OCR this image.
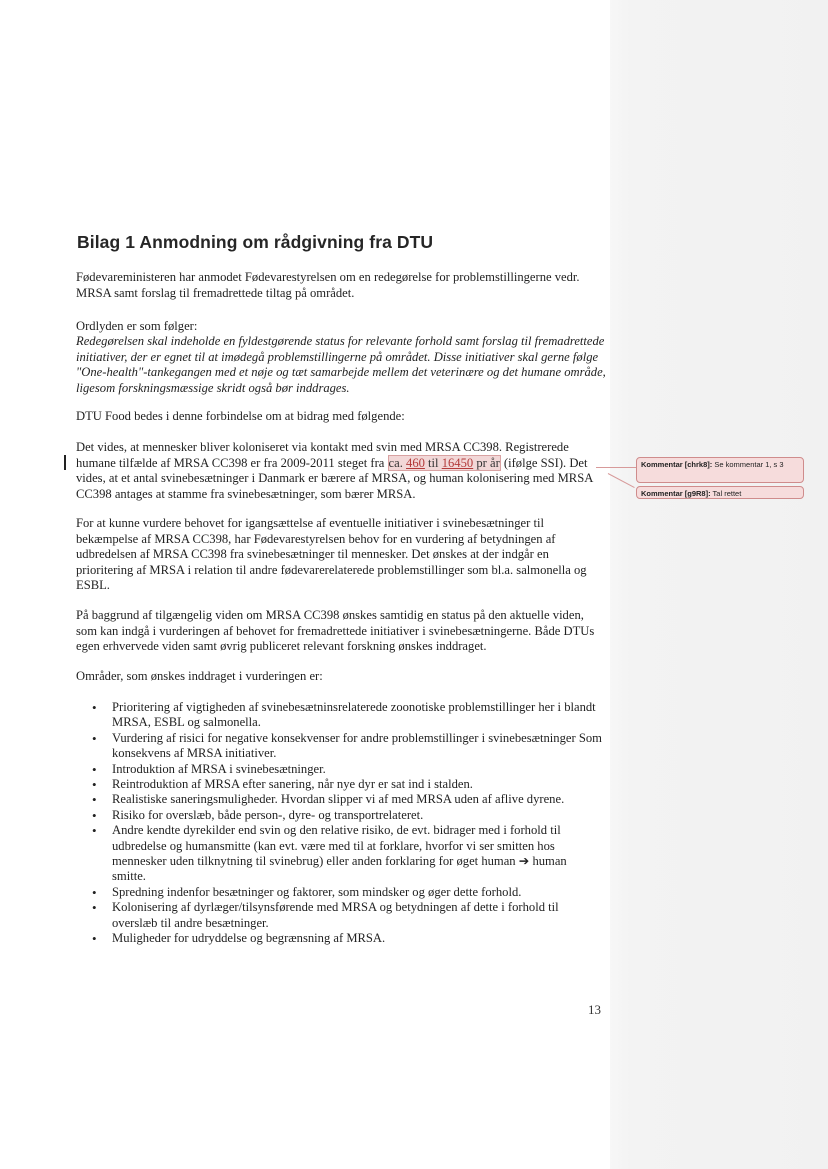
Bilag 1 Anmodning om rådgivning fra DTU

Fødevareministeren har anmodet Fødevarestyrelsen om en redegørelse for problemstillingerne vedr. MRSA samt forslag til fremadrettede tiltag på området.

Ordlyden er som følger:

Redegørelsen skal indeholde en fyldestgørende status for relevante forhold samt forslag til fremadrettede initiativer, der er egnet til at imødegå problemstillingerne på området. Disse initiativer skal gerne følge "One-health"-tankegangen med et nøje og tæt samarbejde mellem det veterinære og det humane område, ligesom forskningsmæssige skridt også bør inddrages.

DTU Food bedes i denne forbindelse om at bidrag med følgende:

Det vides, at mennesker bliver koloniseret via kontakt med svin med MRSA CC398. Registrerede humane tilfælde af MRSA CC398 er fra 2009-2011 steget fra ca. 460 til 16450 pr år (ifølge SSI). Det vides, at et antal svinebesætninger i Danmark er bærere af MRSA, og human kolonisering med MRSA CC398 antages at stamme fra svinebesætninger, som bærer MRSA.

For at kunne vurdere behovet for igangsættelse af eventuelle initiativer i svinebesætninger til bekæmpelse af MRSA CC398, har Fødevarestyrelsen behov for en vurdering af betydningen af udbredelsen af MRSA CC398 fra svinebesætninger til mennesker. Det ønskes at der indgår en prioritering af MRSA i relation til andre fødevarerelaterede problemstillinger som bl.a. salmonella og ESBL.

På baggrund af tilgængelig viden om MRSA CC398 ønskes samtidig en status på den aktuelle viden, som kan indgå i vurderingen af behovet for fremadrettede initiativer i svinebesætningerne. Både DTUs egen erhvervede viden samt øvrig publiceret relevant forskning ønskes inddraget.

Områder, som ønskes inddraget i vurderingen er:

• Prioritering af vigtigheden af svinebesætninsrelaterede zoonotiske problemstillinger her i blandt MRSA, ESBL og salmonella.
• Vurdering af risici for negative konsekvenser for andre problemstillinger i svinebesætninger Som konsekvens af MRSA initiativer.
• Introduktion af MRSA i svinebesætninger.
• Reintroduktion af MRSA efter sanering, når nye dyr er sat ind i stalden.
• Realistiske saneringsmuligheder. Hvordan slipper vi af med MRSA uden af aflive dyrene.
• Risiko for overslæb, både person-, dyre- og transportrelateret.
• Andre kendte dyrekilder end svin og den relative risiko, de evt. bidrager med i forhold til udbredelse og humansmitte (kan evt. være med til at forklare, hvorfor vi ser smitten hos mennesker uden tilknytning til svinebrug) eller anden forklaring for øget human ➔ human smitte.
• Spredning indenfor besætninger og faktorer, som mindsker og øger dette forhold.
• Kolonisering af dyrlæger/tilsynsførende med MRSA og betydningen af dette i forhold til overslæb til andre besætninger.
• Muligheder for udryddelse og begrænsning af MRSA.
13
Kommentar [chrk8]: Se kommentar 1, s 3
Kommentar [g9R8]: Tal rettet
